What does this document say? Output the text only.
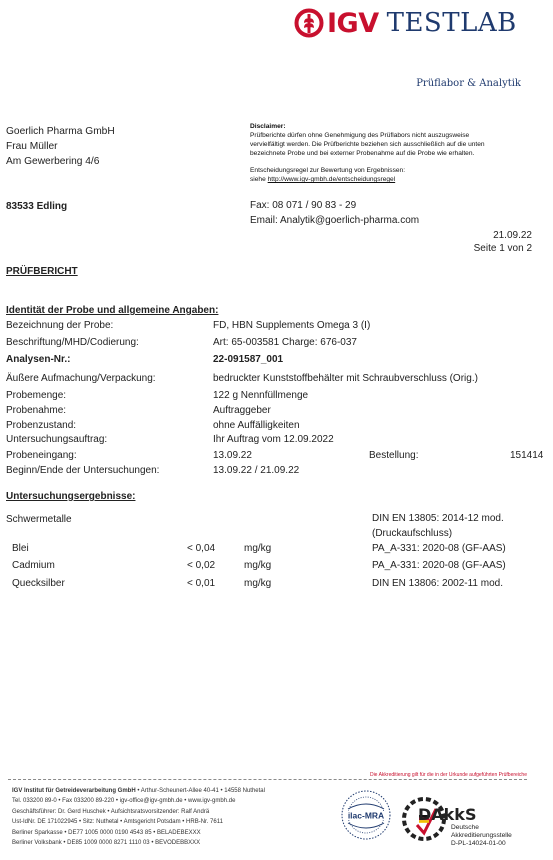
IGV TESTLAB
Prüflabor & Analytik
Goerlich Pharma GmbH
Frau Müller
Am Gewerbering 4/6
Disclaimer:
Prüfberichte dürfen ohne Genehmigung des Prüflabors nicht auszugsweise
vervielfältigt werden. Die Prüfberichte beziehen sich ausschließlich auf die unten
bezeichnete Probe und bei externer Probenahme auf die Probe wie erhalten.
Entscheidungsregel zur Bewertung von Ergebnissen:
siehe http://www.igv-gmbh.de/entscheidungsregel
83533 Edling	Fax: 08 071 / 90 83 - 29
Email: Analytik@goerlich-pharma.com
21.09.22
Seite 1 von 2
PRÜFBERICHT
Identität der Probe und allgemeine Angaben:
Bezeichnung der Probe:	FD, HBN Supplements Omega 3 (I)
Beschriftung/MHD/Codierung:	Art: 65-003581 Charge: 676-037
Analysen-Nr.:	22-091587_001
Äußere Aufmachung/Verpackung:	bedruckter Kunststoffbehälter mit Schraubverschluss (Orig.)
Probemenge:	122 g Nennfüllmenge
Probenahme:	Auftraggeber
Probenzustand:	ohne Auffälligkeiten
Untersuchungsauftrag:	Ihr Auftrag vom 12.09.2022
Probeneingang:	13.09.22	Bestellung:	151414
Beginn/Ende der Untersuchungen:	13.09.22 / 21.09.22
Untersuchungsergebnisse:
Schwermetalle	DIN EN 13805: 2014-12 mod.
(Druckaufschluss)
Blei	< 0,04	mg/kg	PA_A-331: 2020-08 (GF-AAS)
Cadmium	< 0,02	mg/kg	PA_A-331: 2020-08 (GF-AAS)
Quecksilber	< 0,01	mg/kg	DIN EN 13806: 2002-11 mod.
Die Akkreditierung gilt für die in der Urkunde aufgeführten Prüfbereiche
IGV Institut für Getreideverarbeitung GmbH • Arthur-Scheunert-Allee 40-41 • 14558 Nuthetal
Tel. 033200 89-0 • Fax 033200 89-220 • igv-office@igv-gmbh.de • www.igv-gmbh.de
Geschäftsführer: Dr. Gerd Huschek • Aufsichtsratsvorsitzender: Ralf Andrä
Ust-IdNr. DE 171022945 • Sitz: Nuthetal • Amtsgericht Potsdam • HRB-Nr. 7611
Berliner Sparkasse • DE77 1005 0000 0190 4543 85 • BELADEBEXXX
Berliner Volksbank • DE85 1009 0000 8271 1110 03 • BEVODEBBXXX
ilac-MRA DAkkS
Deutsche
Akkreditierungsstelle
D-PL-14024-01-00
